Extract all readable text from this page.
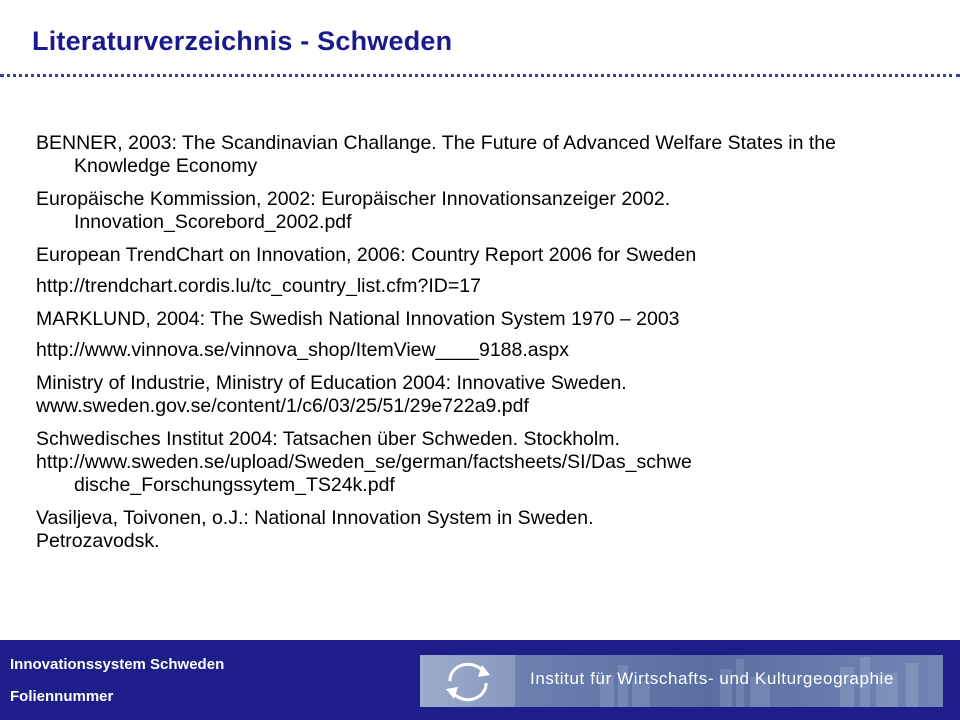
Literaturverzeichnis - Schweden
BENNER, 2003: The Scandinavian Challange. The Future of Advanced Welfare States in the Knowledge Economy
Europäische Kommission, 2002: Europäischer Innovationsanzeiger 2002. Innovation_Scorebord_2002.pdf
European TrendChart on Innovation, 2006: Country Report 2006 for Sweden
http://trendchart.cordis.lu/tc_country_list.cfm?ID=17
MARKLUND, 2004: The Swedish National Innovation System 1970 – 2003
http://www.vinnova.se/vinnova_shop/ItemView____9188.aspx
Ministry of Industrie, Ministry of Education 2004: Innovative Sweden.
www.sweden.gov.se/content/1/c6/03/25/51/29e722a9.pdf
Schwedisches Institut 2004: Tatsachen über Schweden. Stockholm.
http://www.sweden.se/upload/Sweden_se/german/factsheets/SI/Das_schwe dische_Forschungssytem_TS24k.pdf
Vasiljeva, Toivonen, o.J.: National Innovation System in Sweden.
Petrozavodsk.
Innovationssystem Schweden
Foliennummer
Institut für Wirtschafts- und Kulturgeographie
